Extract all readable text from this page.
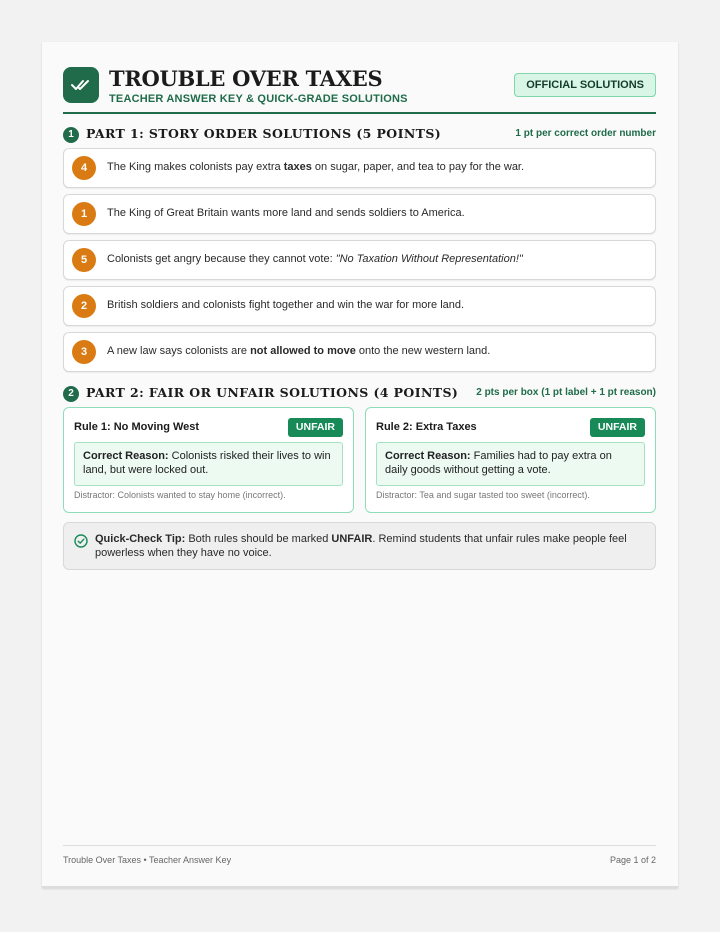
TROUBLE OVER TAXES
TEACHER ANSWER KEY & QUICK-GRADE SOLUTIONS
OFFICIAL SOLUTIONS
1 PART 1: STORY ORDER SOLUTIONS (5 POINTS)	1 pt per correct order number
4	The King makes colonists pay extra taxes on sugar, paper, and tea to pay for the war.
1	The King of Great Britain wants more land and sends soldiers to America.
5	Colonists get angry because they cannot vote: "No Taxation Without Representation!"
2	British soldiers and colonists fight together and win the war for more land.
3	A new law says colonists are not allowed to move onto the new western land.
2 PART 2: FAIR OR UNFAIR SOLUTIONS (4 POINTS) 2 pts per box (1 pt label + 1 pt reason)
Rule 1: No Moving West	UNFAIR
Correct Reason: Colonists risked their lives to win land, but were locked out.
Distractor: Colonists wanted to stay home (incorrect).
Rule 2: Extra Taxes	UNFAIR
Correct Reason: Families had to pay extra on daily goods without getting a vote.
Distractor: Tea and sugar tasted too sweet (incorrect).
Quick-Check Tip: Both rules should be marked UNFAIR. Remind students that unfair rules make people feel powerless when they have no voice.
Trouble Over Taxes • Teacher Answer Key	Page 1 of 2
